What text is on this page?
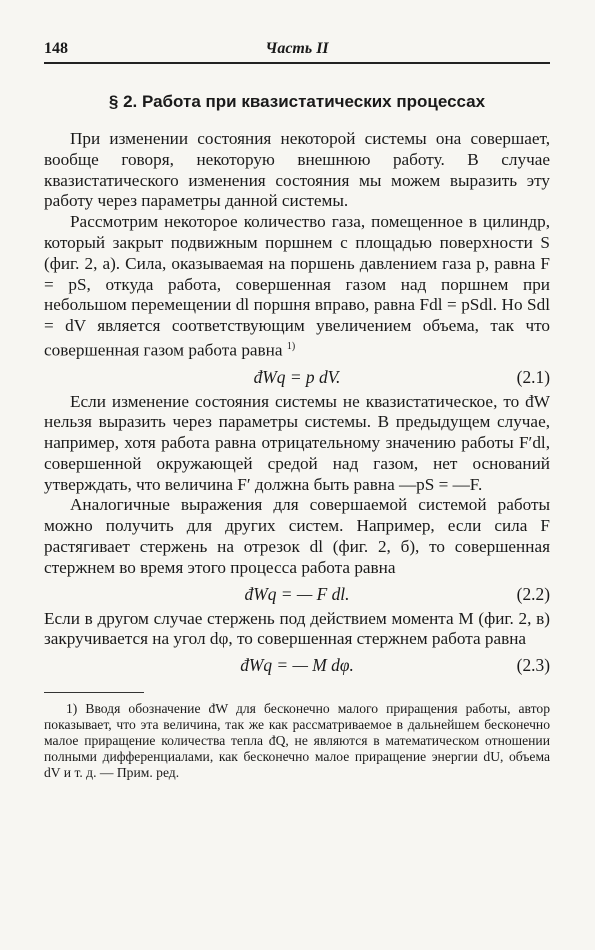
148	Часть II
§ 2. Работа при квазистатических процессах

При изменении состояния некоторой системы она совершает, вообще говоря, некоторую внешнюю работу. В случае квазистатического изменения состояния мы можем выразить эту работу через параметры данной системы.

Рассмотрим некоторое количество газа, помещенное в цилиндр, который закрыт подвижным поршнем с площадью поверхности S (фиг. 2, а). Сила, оказываемая на поршень давлением газа p, равна F = pS, откуда работа, совершенная газом над поршнем при небольшом перемещении dl поршня вправо, равна Fdl = pSdl. Но Sdl = dV является соответствующим увеличением объема, так что совершенная газом работа равна $^{1)}$

đWq = p dV.	(2.1)

Если изменение состояния системы не квазистатическое, то đW нельзя выразить через параметры системы. В предыдущем случае, например, хотя работа равна отрицательному значению работы F′dl, совершенной окружающей средой над газом, нет оснований утверждать, что величина F′ должна быть равна —pS = —F.

Аналогичные выражения для совершаемой системой работы можно получить для других систем. Например, если сила F растягивает стержень на отрезок dl (фиг. 2, б), то совершенная стержнем во время этого процесса работа равна

đWq = — F dl.	(2.2)

Если в другом случае стержень под действием момента M (фиг. 2, в) закручивается на угол dφ, то совершенная стержнем работа равна

đWq = — M dφ.	(2.3)
1) Вводя обозначение đW для бесконечно малого приращения работы, автор показывает, что эта величина, так же как рассматриваемое в дальнейшем бесконечно малое приращение количества тепла đQ, не являются в математическом отношении полными дифференциалами, как бесконечно малое приращение энергии dU, объема dV и т. д. — Прим. ред.
